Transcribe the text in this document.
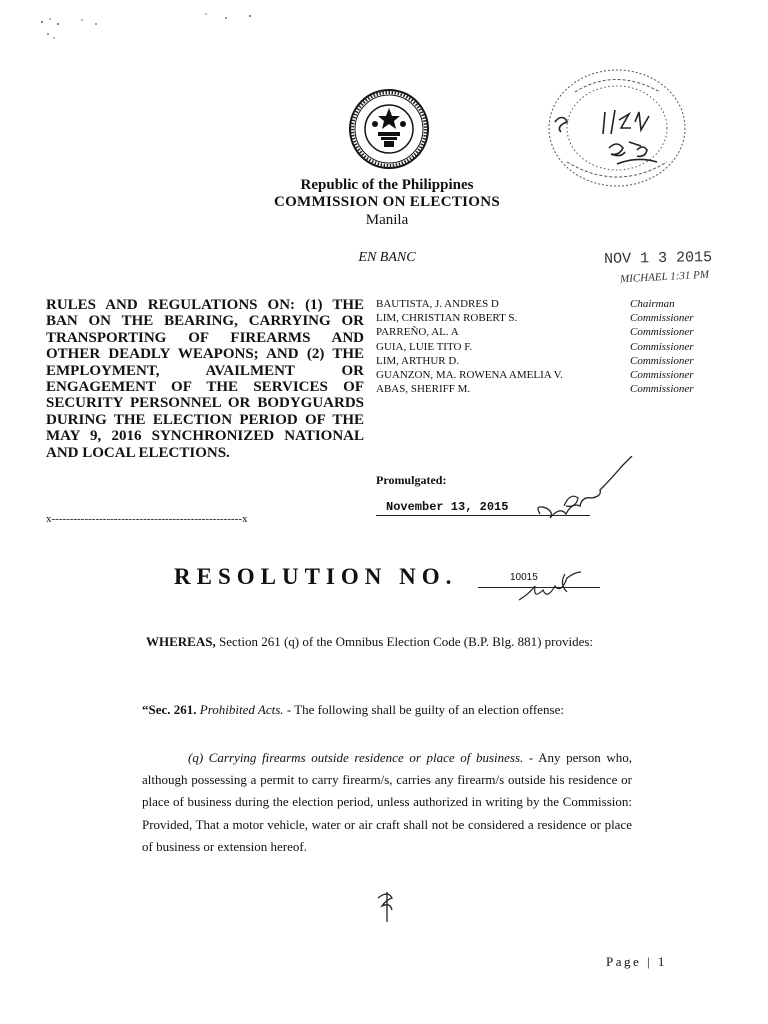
Republic of the Philippines
COMMISSION ON ELECTIONS
Manila
EN BANC	NOV 1 3 2015
MICHAEL 1:31 PM
RULES AND REGULATIONS ON: (1) THE BAN ON THE BEARING, CARRYING OR TRANSPORTING OF FIREARMS AND OTHER DEADLY WEAPONS; AND (2) THE EMPLOYMENT, AVAILMENT OR ENGAGEMENT OF THE SERVICES OF SECURITY PERSONNEL OR BODYGUARDS DURING THE ELECTION PERIOD OF THE MAY 9, 2016 SYNCHRONIZED NATIONAL AND LOCAL ELECTIONS.
x----------------------------------------------------x
BAUTISTA, J. ANDRES D	Chairman
LIM, CHRISTIAN ROBERT S.	Commissioner
PARREÑO, AL. A	Commissioner
GUIA, LUIE TITO F.	Commissioner
LIM, ARTHUR D.	Commissioner
GUANZON, MA. ROWENA AMELIA V.	Commissioner
ABAS, SHERIFF M.	Commissioner
Promulgated:
November 13, 2015
RESOLUTION NO.	10015
WHEREAS, Section 261 (q) of the Omnibus Election Code (B.P. Blg. 881) provides:
“Sec. 261. Prohibited Acts. - The following shall be guilty of an election offense:
(q) Carrying firearms outside residence or place of business. - Any person who, although possessing a permit to carry firearm/s, carries any firearm/s outside his residence or place of business during the election period, unless authorized in writing by the Commission: Provided, That a motor vehicle, water or air craft shall not be considered a residence or place of business or extension hereof.
Page | 1
